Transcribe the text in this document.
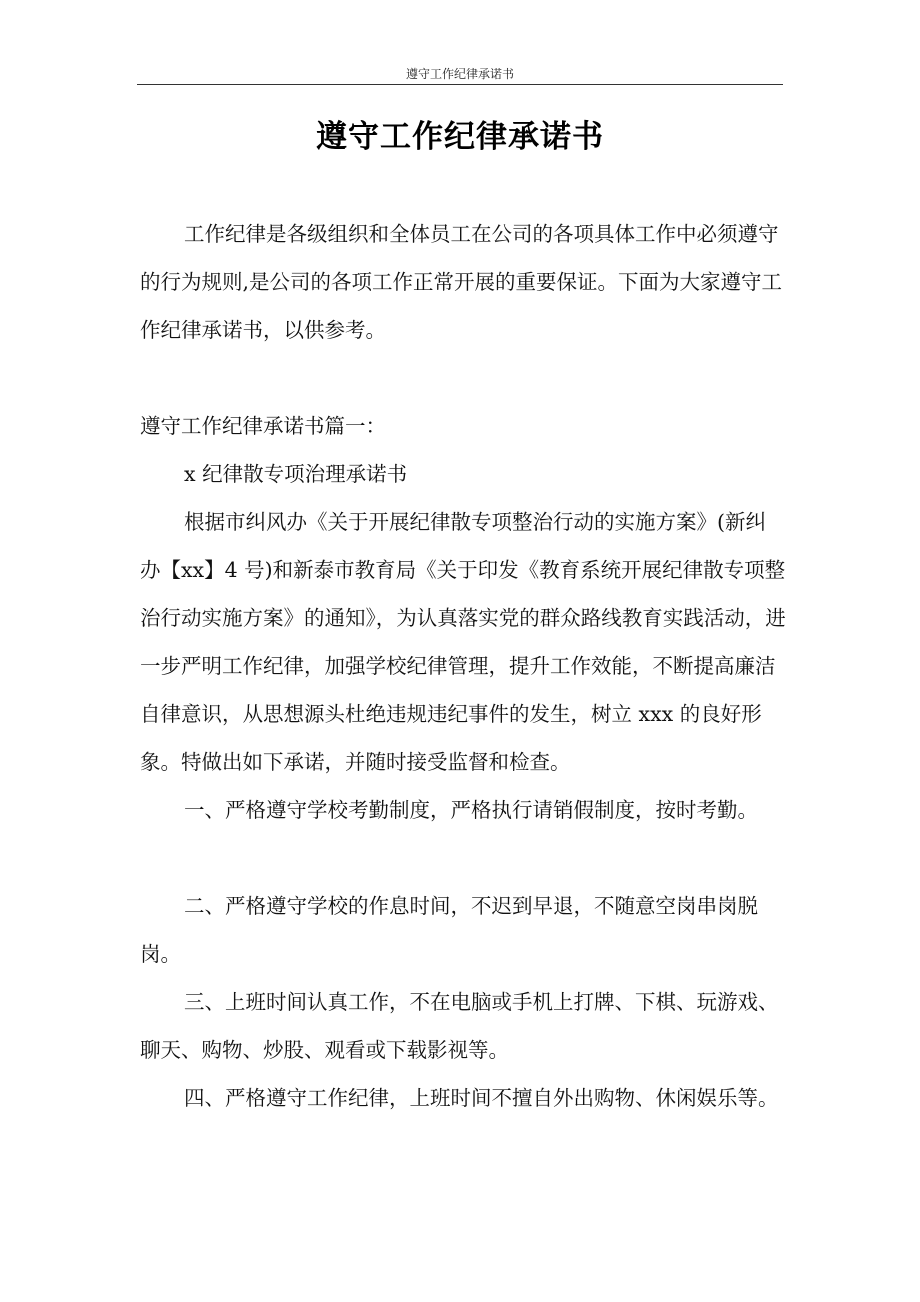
遵守工作纪律承诺书
遵守工作纪律承诺书

工作纪律是各级组织和全体员工在公司的各项具体工作中必须遵守的行为规则,是公司的各项工作正常开展的重要保证。下面为大家遵守工作纪律承诺书，以供参考。

遵守工作纪律承诺书篇一：

x 纪律散专项治理承诺书

根据市纠风办《关于开展纪律散专项整治行动的实施方案》(新纠办【xx】4 号)和新泰市教育局《关于印发《教育系统开展纪律散专项整治行动实施方案》的通知》，为认真落实党的群众路线教育实践活动，进一步严明工作纪律，加强学校纪律管理，提升工作效能，不断提高廉洁自律意识，从思想源头杜绝违规违纪事件的发生，树立 xxx 的良好形象。特做出如下承诺，并随时接受监督和检查。

一、严格遵守学校考勤制度，严格执行请销假制度，按时考勤。

二、严格遵守学校的作息时间，不迟到早退，不随意空岗串岗脱岗。

三、上班时间认真工作，不在电脑或手机上打牌、下棋、玩游戏、聊天、购物、炒股、观看或下载影视等。

四、严格遵守工作纪律，上班时间不擅自外出购物、休闲娱乐等。
